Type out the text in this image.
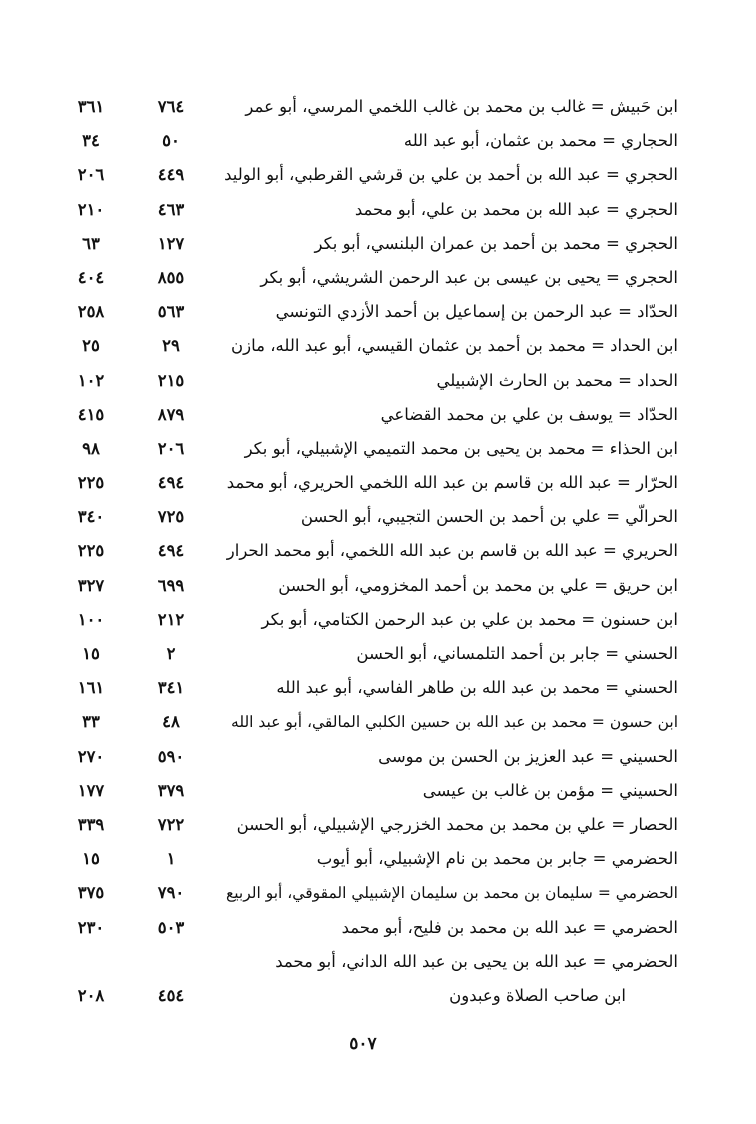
ابن حَبيش = غالب بن محمد بن غالب اللخمي المرسي، أبو عمر
٧٦٤
٣٦١
الحجاري = محمد بن عثمان، أبو عبد الله
٥٠
٣٤
الحجري = عبد الله بن أحمد بن علي بن قرشي القرطبي، أبو الوليد
٤٤٩
٢٠٦
الحجري = عبد الله بن محمد بن علي، أبو محمد
٤٦٣
٢١٠
الحجري = محمد بن أحمد بن عمران البلنسي، أبو بكر
١٢٧
٦٣
الحجري = يحيى بن عيسى بن عبد الرحمن الشريشي، أبو بكر
٨٥٥
٤٠٤
الحدّاد = عبد الرحمن بن إسماعيل بن أحمد الأزدي التونسي
٥٦٣
٢٥٨
ابن الحداد = محمد بن أحمد بن عثمان القيسي، أبو عبد الله، مازن
٢٩
٢٥
الحداد = محمد بن الحارث الإشبيلي
٢١٥
١٠٢
الحدّاد = يوسف بن علي بن محمد القضاعي
٨٧٩
٤١٥
ابن الحذاء = محمد بن يحيى بن محمد التميمي الإشبيلي، أبو بكر
٢٠٦
٩٨
الحرّار = عبد الله بن قاسم بن عبد الله اللخمي الحريري، أبو محمد
٤٩٤
٢٢٥
الحرالّي = علي بن أحمد بن الحسن التجيبي، أبو الحسن
٧٢٥
٣٤٠
الحريري = عبد الله بن قاسم بن عبد الله اللخمي، أبو محمد الحرار
٤٩٤
٢٢٥
ابن حريق = علي بن محمد بن أحمد المخزومي، أبو الحسن
٦٩٩
٣٢٧
ابن حسنون = محمد بن علي بن عبد الرحمن الكتامي، أبو بكر
٢١٢
١٠٠
الحسني = جابر بن أحمد التلمساني، أبو الحسن
٢
١٥
الحسني = محمد بن عبد الله بن طاهر الفاسي، أبو عبد الله
٣٤١
١٦١
ابن حسون = محمد بن عبد الله بن حسين الكلبي المالقي، أبو عبد الله
٤٨
٣٣
الحسيني = عبد العزيز بن الحسن بن موسى
٥٩٠
٢٧٠
الحسيني = مؤمن بن غالب بن عيسى
٣٧٩
١٧٧
الحصار = علي بن محمد بن محمد الخزرجي الإشبيلي، أبو الحسن
٧٢٢
٣٣٩
الحضرمي = جابر بن محمد بن نام الإشبيلي، أبو أيوب
١
١٥
الحضرمي = سليمان بن محمد بن سليمان الإشبيلي المقوقي، أبو الربيع
٧٩٠
٣٧٥
الحضرمي = عبد الله بن محمد بن فليح، أبو محمد
٥٠٣
٢٣٠
الحضرمي = عبد الله بن يحيى بن عبد الله الداني، أبو محمد
ابن صاحب الصلاة وعبدون
٤٥٤
٢٠٨
٥٠٧
